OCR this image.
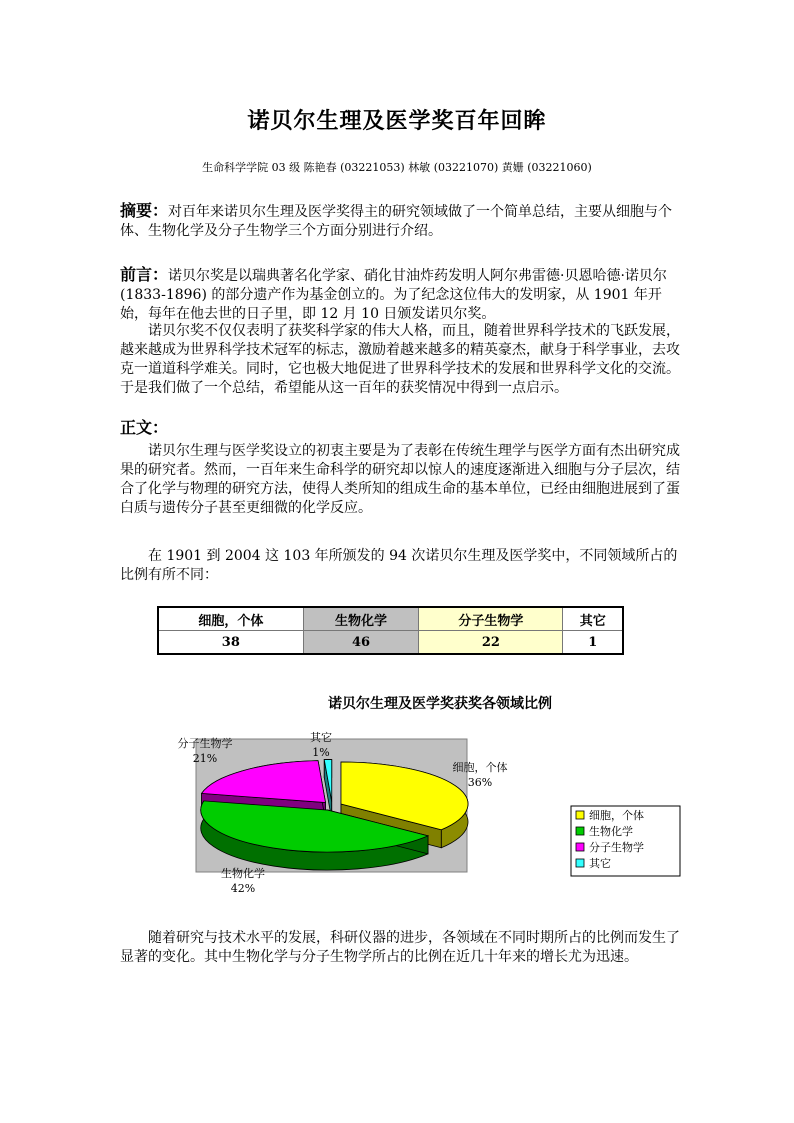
诺贝尔生理及医学奖百年回眸
生命科学学院 03 级 陈艳春 (03221053) 林敏 (03221070) 黄姗 (03221060)
摘要：对百年来诺贝尔生理及医学奖得主的研究领域做了一个简单总结，主要从细胞与个体、生物化学及分子生物学三个方面分别进行介绍。
前言：诺贝尔奖是以瑞典著名化学家、硝化甘油炸药发明人阿尔弗雷德·贝恩哈德·诺贝尔(1833-1896) 的部分遗产作为基金创立的。为了纪念这位伟大的发明家，从 1901 年开始，每年在他去世的日子里，即 12 月 10 日颁发诺贝尔奖。
诺贝尔奖不仅仅表明了获奖科学家的伟大人格，而且，随着世界科学技术的飞跃发展，越来越成为世界科学技术冠军的标志，激励着越来越多的精英豪杰，献身于科学事业，去攻克一道道科学难关。同时，它也极大地促进了世界科学技术的发展和世界科学文化的交流。于是我们做了一个总结，希望能从这一百年的获奖情况中得到一点启示。
正文：
诺贝尔生理与医学奖设立的初衷主要是为了表彰在传统生理学与医学方面有杰出研究成果的研究者。然而，一百年来生命科学的研究却以惊人的速度逐渐进入细胞与分子层次，结合了化学与物理的研究方法，使得人类所知的组成生命的基本单位，已经由细胞进展到了蛋白质与遗传分子甚至更细微的化学反应。
在 1901 到 2004 这 103 年所颁发的 94 次诺贝尔生理及医学奖中，不同领域所占的比例有所不同：
细胞，个体	生物化学	分子生物学	其它
38	46	22	1
诺贝尔生理及医学奖获奖各领域比例
细胞，个体
36%
生物化学
42%
分子生物学
21%
其它
1%
细胞，个体
生物化学
分子生物学
其它
随着研究与技术水平的发展，科研仪器的进步，各领域在不同时期所占的比例而发生了显著的变化。其中生物化学与分子生物学所占的比例在近几十年来的增长尤为迅速。
